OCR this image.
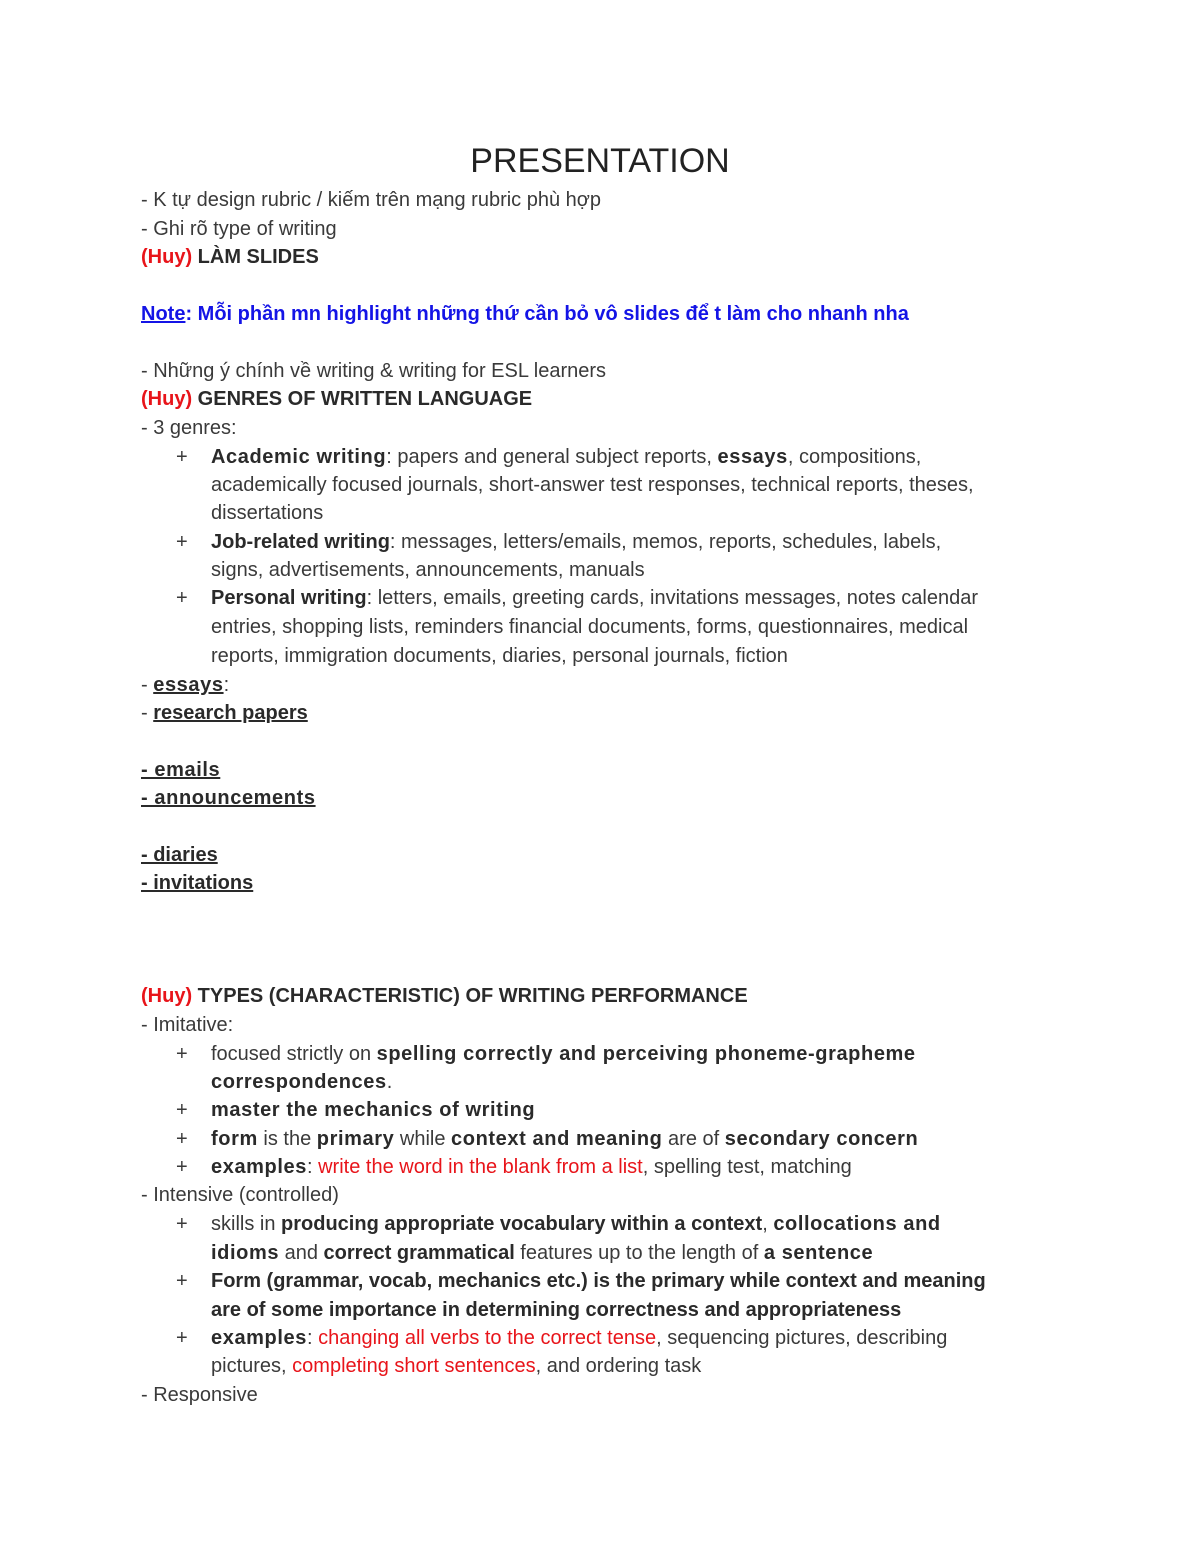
PRESENTATION
- K tự design rubric / kiếm trên mạng rubric phù hợp
- Ghi rõ type of writing
(Huy) LÀM SLIDES
Note: Mỗi phần mn highlight những thứ cần bỏ vô slides để t làm cho nhanh nha
- Những ý chính về writing & writing for ESL learners
(Huy) GENRES OF WRITTEN LANGUAGE
- 3 genres:
+ Academic writing: papers and general subject reports, essays, compositions,
academically focused journals, short-answer test responses, technical reports, theses,
dissertations
+ Job-related writing: messages, letters/emails, memos, reports, schedules, labels,
signs, advertisements, announcements, manuals
+ Personal writing: letters, emails, greeting cards, invitations messages, notes calendar
entries, shopping lists, reminders financial documents, forms, questionnaires, medical
reports, immigration documents, diaries, personal journals, fiction
- essays:
- research papers
- emails
- announcements
- diaries
- invitations
(Huy) TYPES (CHARACTERISTIC) OF WRITING PERFORMANCE
- Imitative:
+ focused strictly on spelling correctly and perceiving phoneme-grapheme
correspondences.
+ master the mechanics of writing
+ form is the primary while context and meaning are of secondary concern
+ examples: write the word in the blank from a list, spelling test, matching
- Intensive (controlled)
+ skills in producing appropriate vocabulary within a context, collocations and
idioms and correct grammatical features up to the length of a sentence
+ Form (grammar, vocab, mechanics etc.) is the primary while context and meaning
are of some importance in determining correctness and appropriateness
+ examples: changing all verbs to the correct tense, sequencing pictures, describing
pictures, completing short sentences, and ordering task
- Responsive
